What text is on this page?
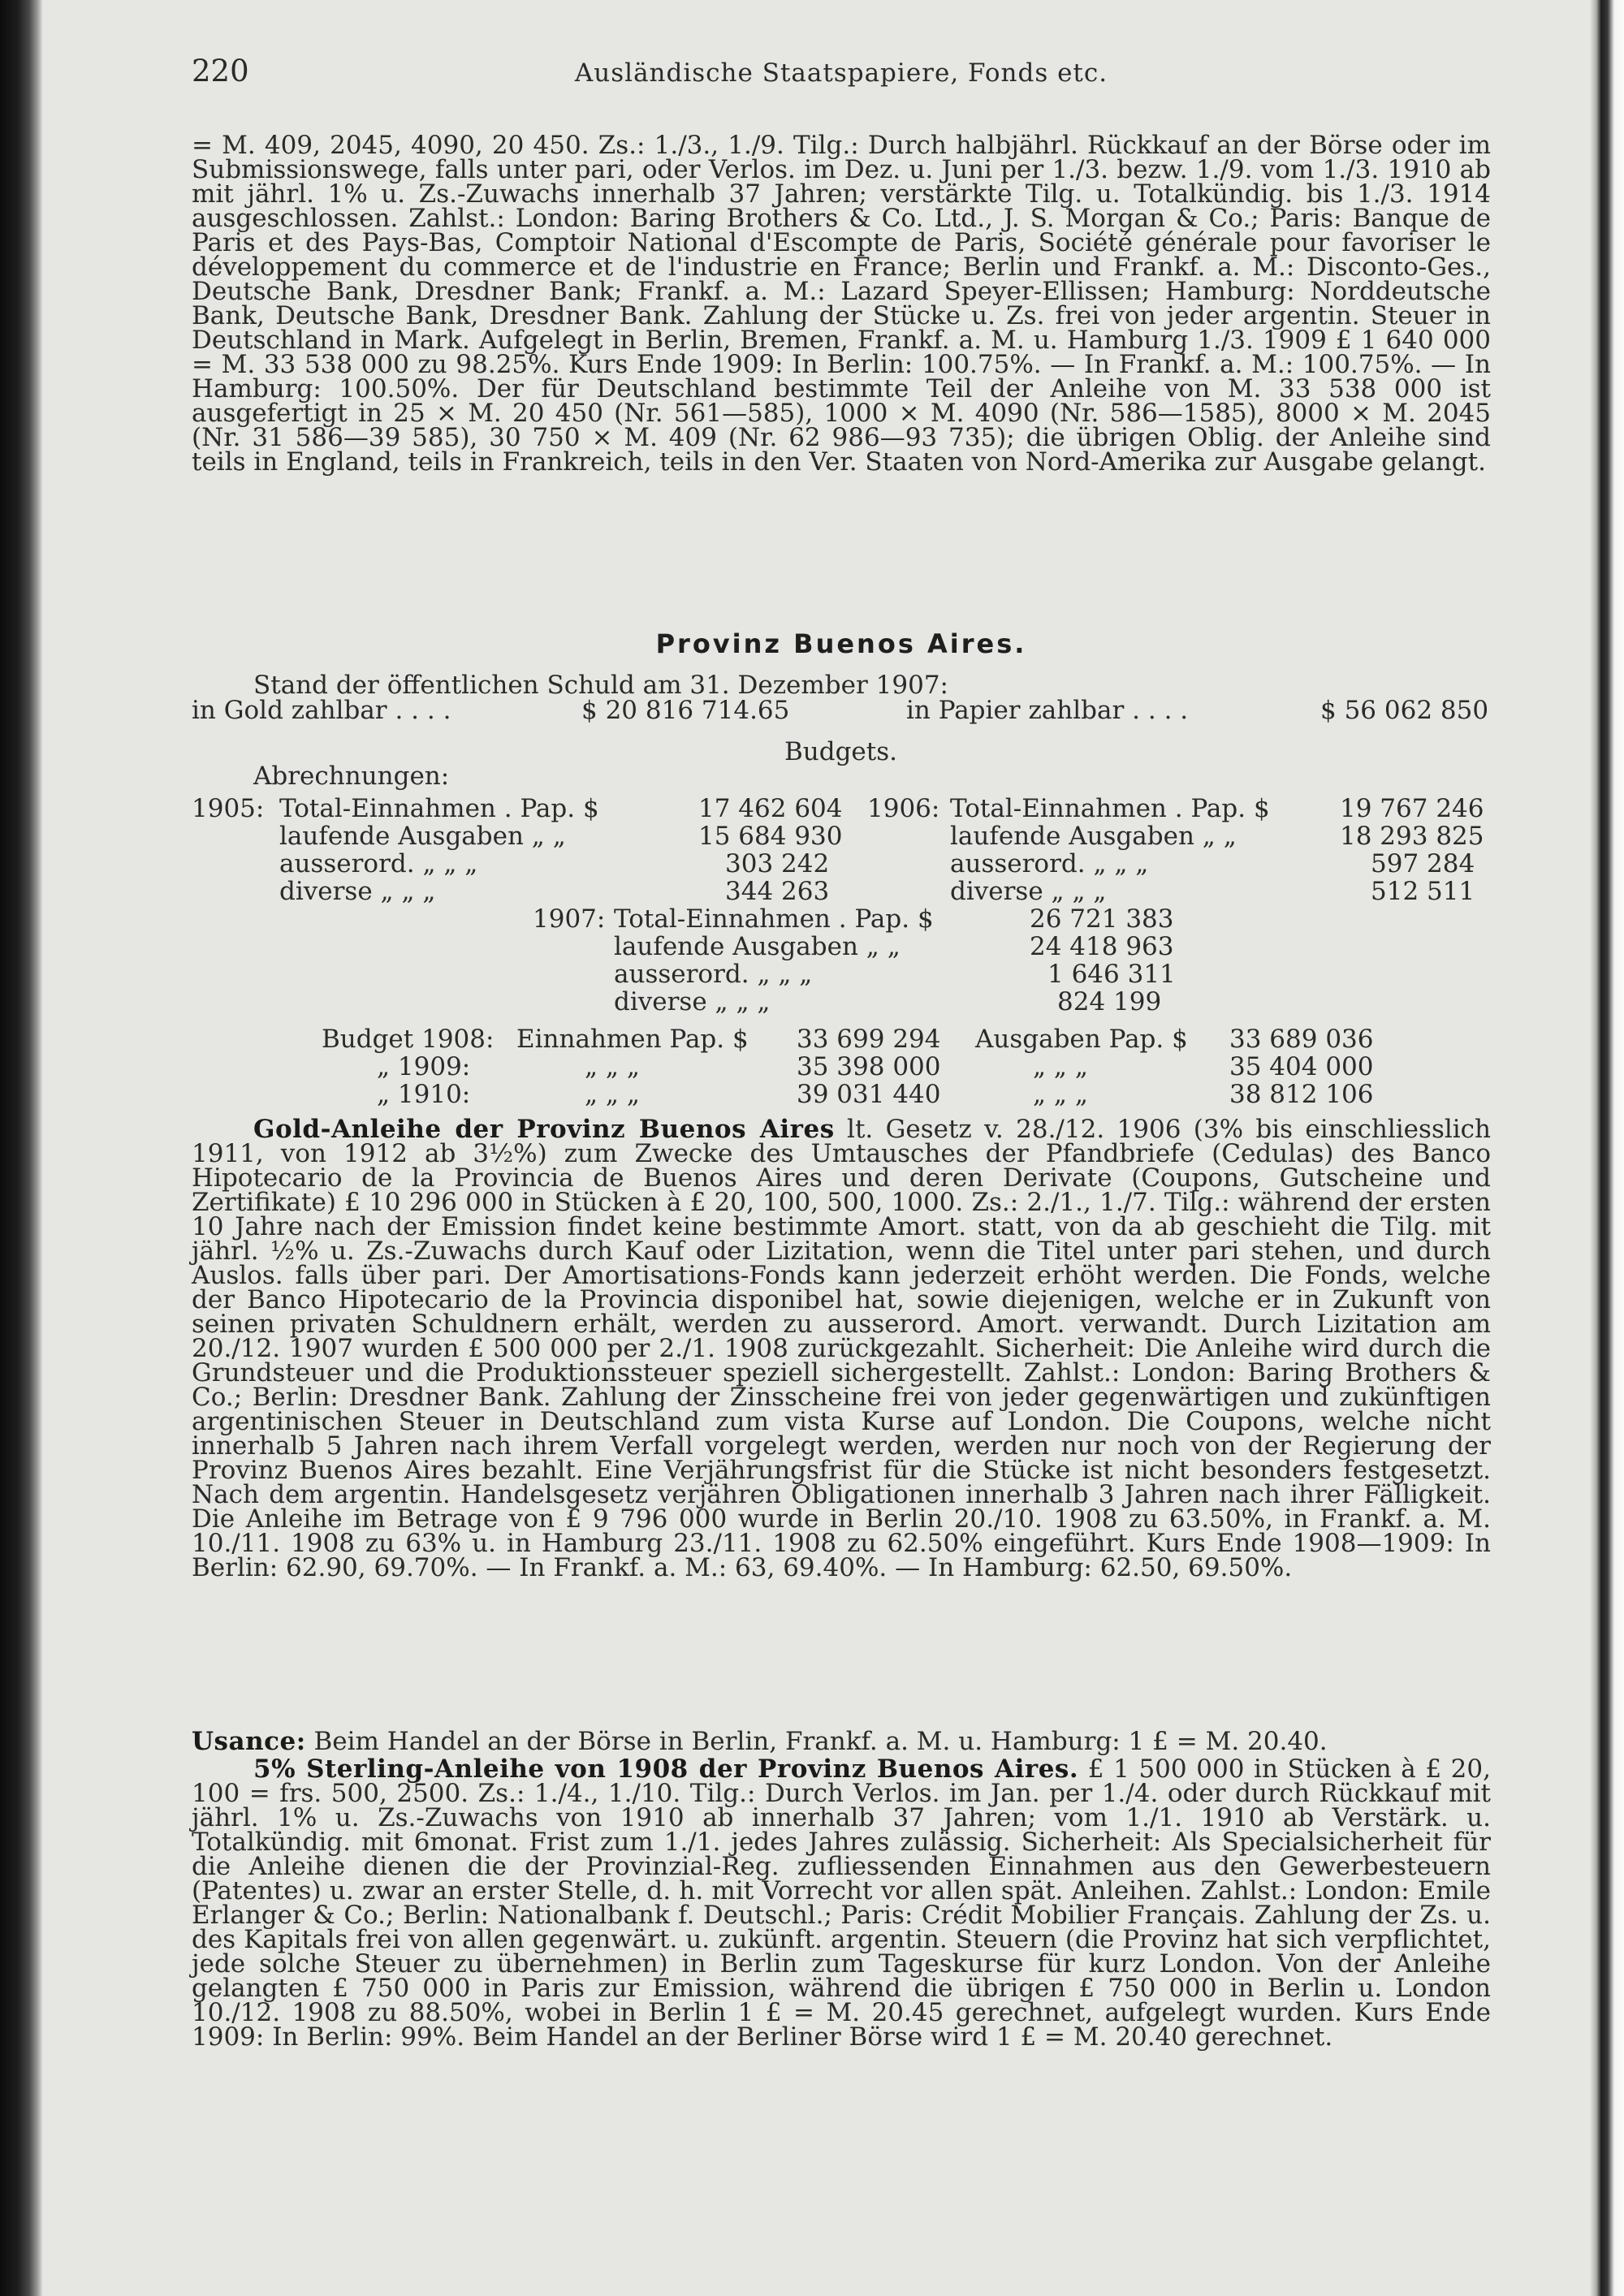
220	Ausländische Staatspapiere, Fonds etc.

= M. 409, 2045, 4090, 20 450. Zs.: 1./3., 1./9. Tilg.: Durch halbjährl. Rückkauf an der Börse oder im Submissionswege, falls unter pari, oder Verlos. im Dez. u. Juni per 1./3. bezw. 1./9. vom 1./3. 1910 ab mit jährl. 1% u. Zs.-Zuwachs innerhalb 37 Jahren; verstärkte Tilg. u. Totalkündig. bis 1./3. 1914 ausgeschlossen. Zahlst.: London: Baring Brothers & Co. Ltd., J. S. Morgan & Co.; Paris: Banque de Paris et des Pays-Bas, Comptoir National d'Escompte de Paris, Société générale pour favoriser le développement du commerce et de l'industrie en France; Berlin und Frankf. a. M.: Disconto-Ges., Deutsche Bank, Dresdner Bank; Frankf. a. M.: Lazard Speyer-Ellissen; Hamburg: Norddeutsche Bank, Deutsche Bank, Dresdner Bank. Zahlung der Stücke u. Zs. frei von jeder argentin. Steuer in Deutschland in Mark. Aufgelegt in Berlin, Bremen, Frankf. a. M. u. Hamburg 1./3. 1909 £ 1 640 000 = M. 33 538 000 zu 98.25%. Kurs Ende 1909: In Berlin: 100.75%. — In Frankf. a. M.: 100.75%. — In Hamburg: 100.50%. Der für Deutschland bestimmte Teil der Anleihe von M. 33 538 000 ist ausgefertigt in 25 × M. 20 450 (Nr. 561—585), 1000 × M. 4090 (Nr. 586—1585), 8000 × M. 2045 (Nr. 31 586—39 585), 30 750 × M. 409 (Nr. 62 986—93 735); die übrigen Oblig. der Anleihe sind teils in England, teils in Frankreich, teils in den Ver. Staaten von Nord-Amerika zur Ausgabe gelangt.

Provinz Buenos Aires.
Stand der öffentlichen Schuld am 31. Dezember 1907:
in Gold zahlbar . . . .	$ 20 816 714.65	in Papier zahlbar . . . .	$ 56 062 850
Budgets.
Abrechnungen:
1905: Total-Einnahmen . Pap. $	17 462 604
laufende Ausgaben „ „	15 684 930
ausserord. „ „ „	303 242
diverse „ „ „	344 263
1906: Total-Einnahmen . Pap. $	19 767 246
laufende Ausgaben „ „	18 293 825
ausserord. „ „ „	597 284
diverse „ „ „	512 511
1907: Total-Einnahmen . Pap. $	26 721 383
laufende Ausgaben „ „	24 418 963
ausserord. „ „ „	1 646 311
diverse „ „ „	824 199
Budget 1908: Einnahmen Pap. $ 33 699 294 Ausgaben Pap. $ 33 689 036
„ 1909:	„ „ „	35 398 000	„ „ „	35 404 000
„ 1910:	„ „ „	39 031 440	„ „ „	38 812 106

Gold-Anleihe der Provinz Buenos Aires lt. Gesetz v. 28./12. 1906 (3% bis einschliesslich 1911, von 1912 ab 3½%) zum Zwecke des Umtausches der Pfandbriefe (Cedulas) des Banco Hipotecario de la Provincia de Buenos Aires und deren Derivate (Coupons, Gutscheine und Zertifikate) £ 10 296 000 in Stücken à £ 20, 100, 500, 1000. Zs.: 2./1., 1./7. Tilg.: während der ersten 10 Jahre nach der Emission findet keine bestimmte Amort. statt, von da ab geschieht die Tilg. mit jährl. ½% u. Zs.-Zuwachs durch Kauf oder Lizitation, wenn die Titel unter pari stehen, und durch Auslos. falls über pari. Der Amortisations-Fonds kann jederzeit erhöht werden. Die Fonds, welche der Banco Hipotecario de la Provincia disponibel hat, sowie diejenigen, welche er in Zukunft von seinen privaten Schuldnern erhält, werden zu ausserord. Amort. verwandt. Durch Lizitation am 20./12. 1907 wurden £ 500 000 per 2./1. 1908 zurückgezahlt. Sicherheit: Die Anleihe wird durch die Grundsteuer und die Produktionssteuer speziell sichergestellt. Zahlst.: London: Baring Brothers & Co.; Berlin: Dresdner Bank. Zahlung der Zinsscheine frei von jeder gegenwärtigen und zukünftigen argentinischen Steuer in Deutschland zum vista Kurse auf London. Die Coupons, welche nicht innerhalb 5 Jahren nach ihrem Verfall vorgelegt werden, werden nur noch von der Regierung der Provinz Buenos Aires bezahlt. Eine Verjährungsfrist für die Stücke ist nicht besonders festgesetzt. Nach dem argentin. Handelsgesetz verjähren Obligationen innerhalb 3 Jahren nach ihrer Fälligkeit. Die Anleihe im Betrage von £ 9 796 000 wurde in Berlin 20./10. 1908 zu 63.50%, in Frankf. a. M. 10./11. 1908 zu 63% u. in Hamburg 23./11. 1908 zu 62.50% eingeführt. Kurs Ende 1908—1909: In Berlin: 62.90, 69.70%. — In Frankf. a. M.: 63, 69.40%. — In Hamburg: 62.50, 69.50%.

Usance: Beim Handel an der Börse in Berlin, Frankf. a. M. u. Hamburg: 1 £ = M. 20.40.

5% Sterling-Anleihe von 1908 der Provinz Buenos Aires. £ 1 500 000 in Stücken à £ 20, 100 = frs. 500, 2500. Zs.: 1./4., 1./10. Tilg.: Durch Verlos. im Jan. per 1./4. oder durch Rückkauf mit jährl. 1% u. Zs.-Zuwachs von 1910 ab innerhalb 37 Jahren; vom 1./1. 1910 ab Verstärk. u. Totalkündig. mit 6monat. Frist zum 1./1. jedes Jahres zulässig. Sicherheit: Als Specialsicherheit für die Anleihe dienen die der Provinzial-Reg. zufliessenden Einnahmen aus den Gewerbesteuern (Patentes) u. zwar an erster Stelle, d. h. mit Vorrecht vor allen spät. Anleihen. Zahlst.: London: Emile Erlanger & Co.; Berlin: Nationalbank f. Deutschl.; Paris: Crédit Mobilier Français. Zahlung der Zs. u. des Kapitals frei von allen gegenwärt. u. zukünft. argentin. Steuern (die Provinz hat sich verpflichtet, jede solche Steuer zu übernehmen) in Berlin zum Tageskurse für kurz London. Von der Anleihe gelangten £ 750 000 in Paris zur Emission, während die übrigen £ 750 000 in Berlin u. London 10./12. 1908 zu 88.50%, wobei in Berlin 1 £ = M. 20.45 gerechnet, aufgelegt wurden. Kurs Ende 1909: In Berlin: 99%. Beim Handel an der Berliner Börse wird 1 £ = M. 20.40 gerechnet.
